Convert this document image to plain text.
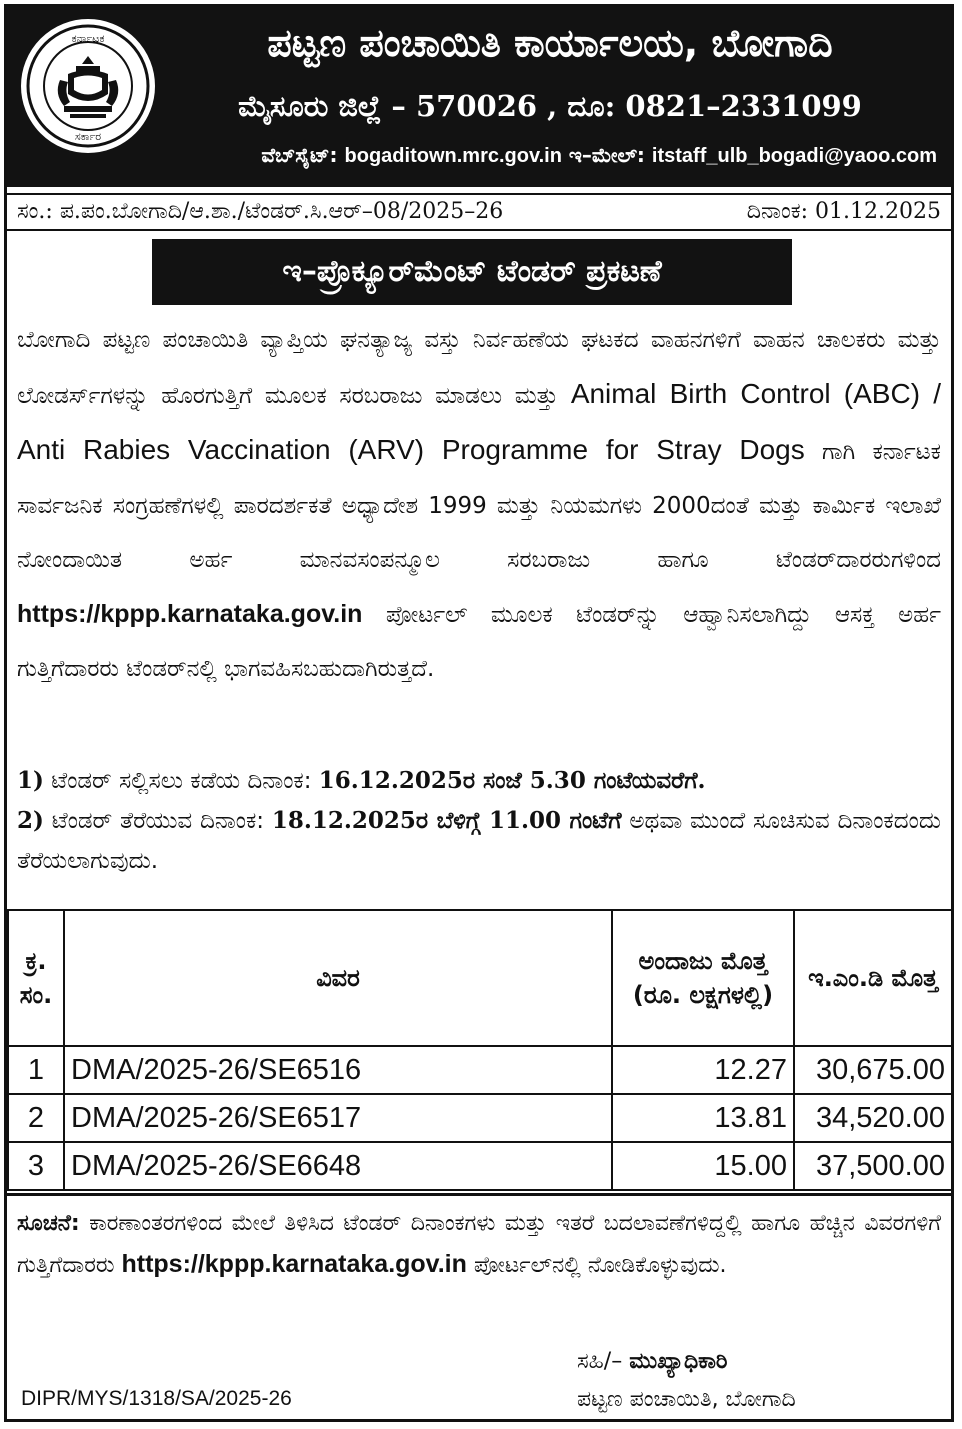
ಕರ್ನಾಟಕ
ಸರ್ಕಾರ
ಪಟ್ಟಣ ಪಂಚಾಯಿತಿ ಕಾರ್ಯಾಲಯ, ಬೋಗಾದಿ
ಮೈಸೂರು ಜಿಲ್ಲೆ – 570026 , ದೂ: 0821–2331099
ವೆಬ್‌ಸೈಟ್: bogaditown.mrc.gov.in ಇ–ಮೇಲ್: itstaff_ulb_bogadi@yaoo.com
ಸಂ.: ಪ.ಪಂ.ಬೋಗಾದಿ/ಆ.ಶಾ./ಟೆಂಡರ್.ಸಿ.ಆರ್–08/2025–26	ದಿನಾಂಕ: 01.12.2025
ಇ–ಪ್ರೊಕ್ಯೂರ್‌ಮೆಂಟ್ ಟೆಂಡರ್ ಪ್ರಕಟಣೆ
ಬೋಗಾದಿ ಪಟ್ಟಣ ಪಂಚಾಯಿತಿ ವ್ಯಾಪ್ತಿಯ ಘನತ್ಯಾಜ್ಯ ವಸ್ತು ನಿರ್ವಹಣೆಯ ಘಟಕದ ವಾಹನಗಳಿಗೆ ವಾಹನ ಚಾಲಕರು ಮತ್ತು ಲೋಡರ್ಸ್‌ಗಳನ್ನು ಹೊರಗುತ್ತಿಗೆ ಮೂಲಕ ಸರಬರಾಜು ಮಾಡಲು ಮತ್ತು Animal Birth Control (ABC) / Anti Rabies Vaccination (ARV) Programme for Stray Dogs ಗಾಗಿ ಕರ್ನಾಟಕ ಸಾರ್ವಜನಿಕ ಸಂಗ್ರಹಣೆಗಳಲ್ಲಿ ಪಾರದರ್ಶಕತೆ ಅಧ್ಯಾದೇಶ 1999 ಮತ್ತು ನಿಯಮಗಳು 2000ದಂತೆ ಮತ್ತು ಕಾರ್ಮಿಕ ಇಲಾಖೆ ನೋಂದಾಯಿತ ಅರ್ಹ ಮಾನವಸಂಪನ್ಮೂಲ ಸರಬರಾಜು ಹಾಗೂ ಟೆಂಡರ್‌ದಾರರುಗಳಿಂದ https://kppp.karnataka.gov.in ಪೋರ್ಟಲ್ ಮೂಲಕ ಟೆಂಡರ್‌ನ್ನು ಆಹ್ವಾನಿಸಲಾಗಿದ್ದು ಆಸಕ್ತ ಅರ್ಹ ಗುತ್ತಿಗೆದಾರರು ಟೆಂಡರ್‌ನಲ್ಲಿ ಭಾಗವಹಿಸಬಹುದಾಗಿರುತ್ತದೆ.

1) ಟೆಂಡರ್ ಸಲ್ಲಿಸಲು ಕಡೆಯ ದಿನಾಂಕ: 16.12.2025ರ ಸಂಜೆ 5.30 ಗಂಟೆಯವರೆಗೆ.

2) ಟೆಂಡರ್ ತೆರೆಯುವ ದಿನಾಂಕ: 18.12.2025ರ ಬೆಳಿಗ್ಗೆ 11.00 ಗಂಟೆಗೆ ಅಥವಾ ಮುಂದೆ ಸೂಚಿಸುವ ದಿನಾಂಕದಂದು ತೆರೆಯಲಾಗುವುದು.

ಕ್ರ. ಸಂ.	ವಿವರ	ಅಂದಾಜು ಮೊತ್ತ (ರೂ. ಲಕ್ಷಗಳಲ್ಲಿ)	ಇ.ಎಂ.ಡಿ ಮೊತ್ತ
1	DMA/2025-26/SE6516	12.27	30,675.00
2	DMA/2025-26/SE6517	13.81	34,520.00
3	DMA/2025-26/SE6648	15.00	37,500.00
ಸೂಚನೆ: ಕಾರಣಾಂತರಗಳಿಂದ ಮೇಲೆ ತಿಳಿಸಿದ ಟೆಂಡರ್ ದಿನಾಂಕಗಳು ಮತ್ತು ಇತರೆ ಬದಲಾವಣೆಗಳಿದ್ದಲ್ಲಿ ಹಾಗೂ ಹೆಚ್ಚಿನ ವಿವರಗಳಿಗೆ ಗುತ್ತಿಗೆದಾರರು https://kppp.karnataka.gov.in ಪೋರ್ಟಲ್‌ನಲ್ಲಿ ನೋಡಿಕೊಳ್ಳುವುದು.
ಸಹಿ/– ಮುಖ್ಯಾಧಿಕಾರಿ
ಪಟ್ಟಣ ಪಂಚಾಯಿತಿ, ಬೋಗಾದಿ
DIPR/MYS/1318/SA/2025-26
